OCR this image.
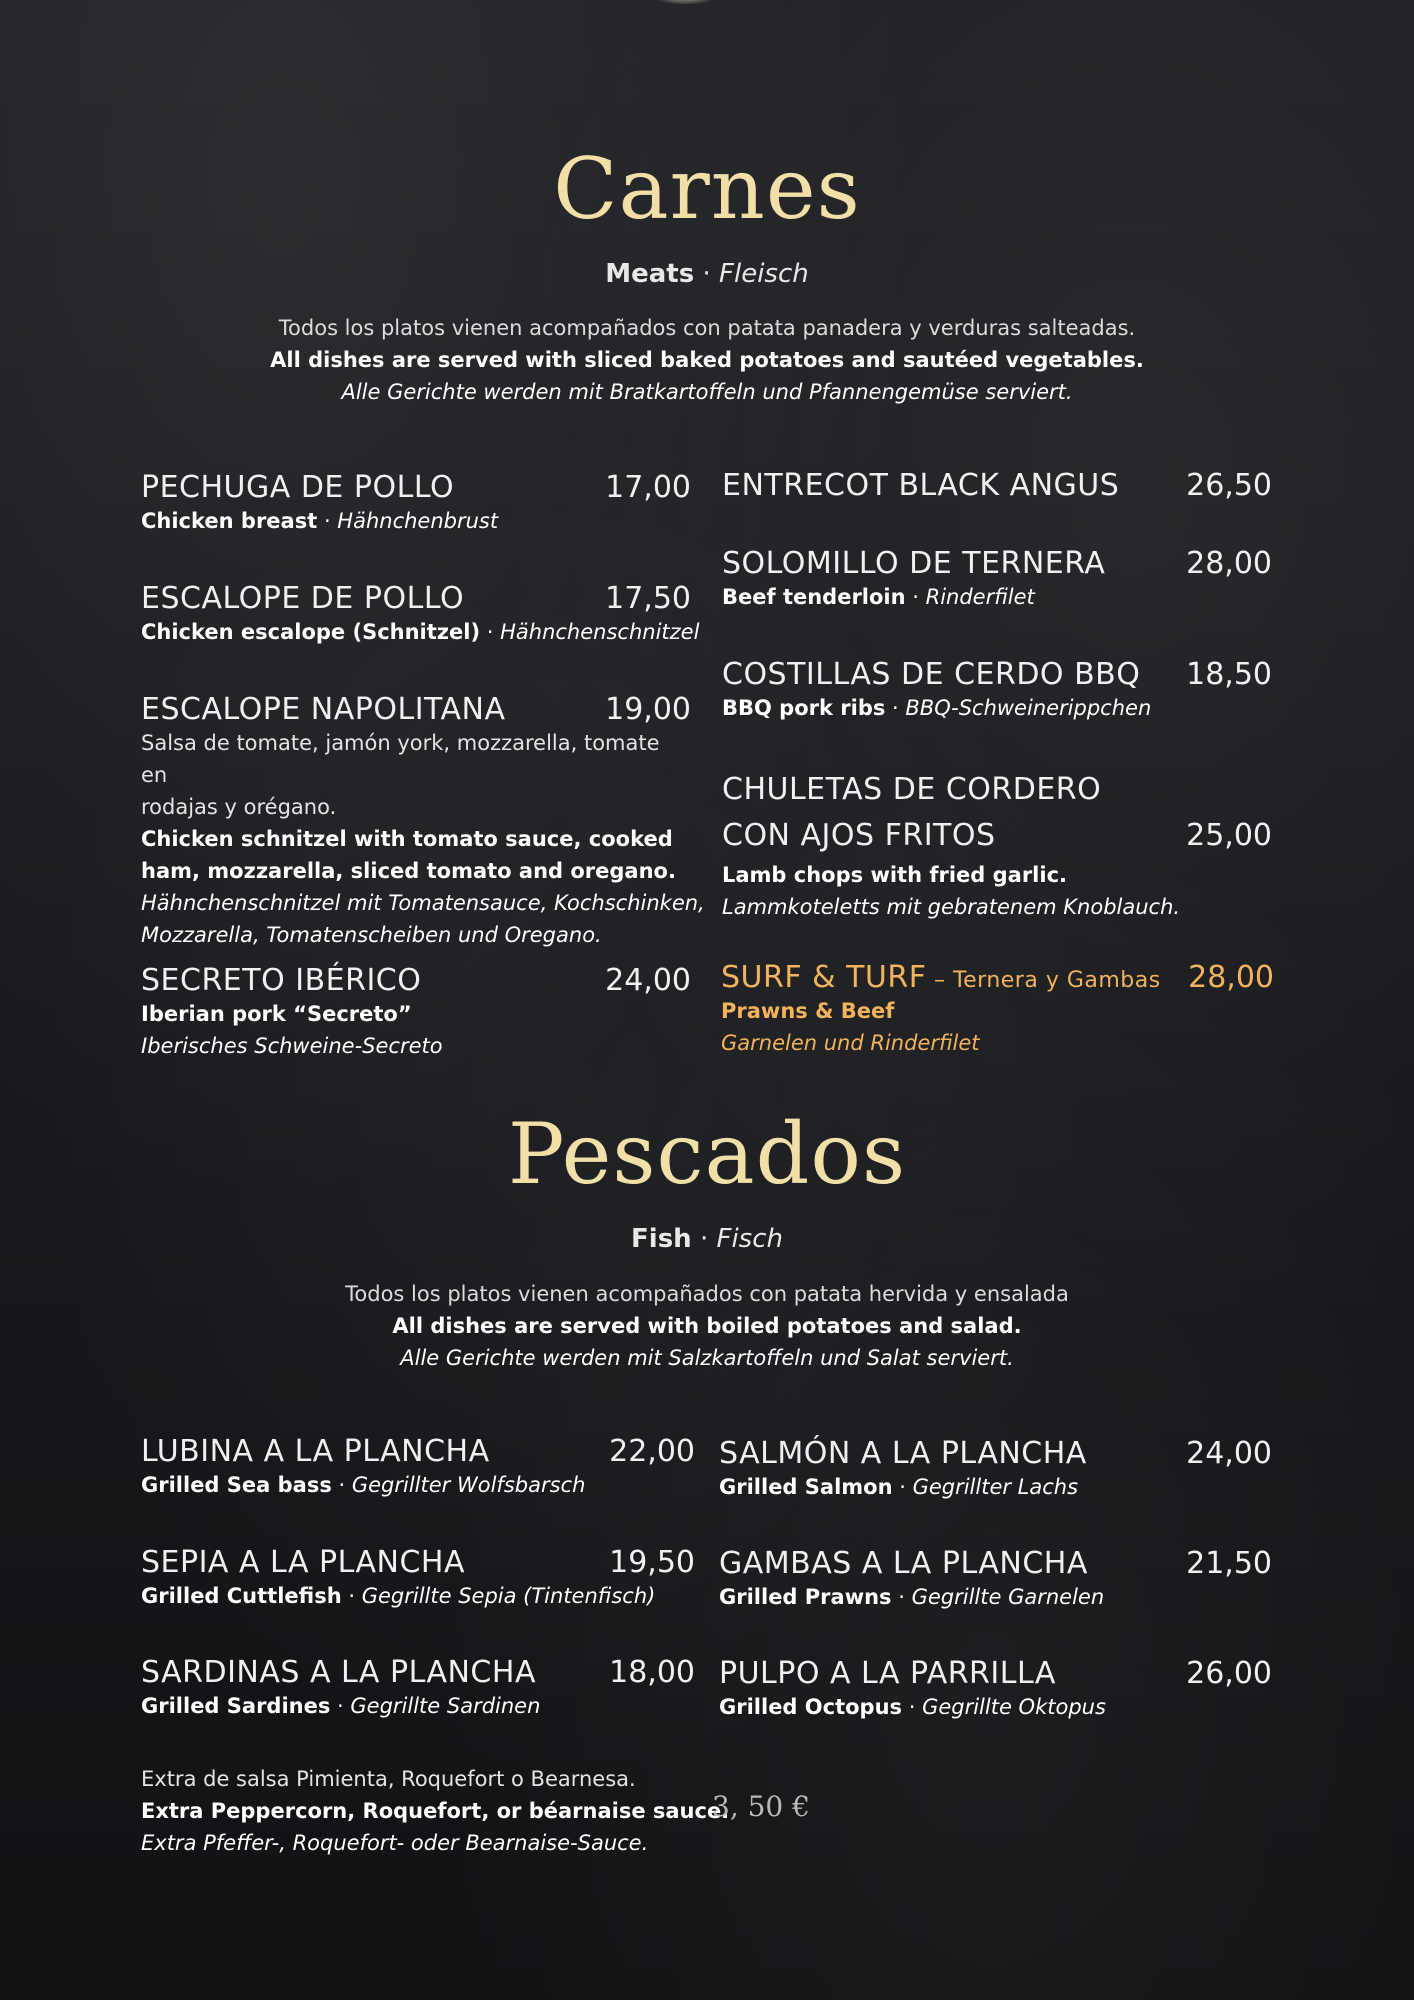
Carnes
Meats · Fleisch
Todos los platos vienen acompañados con patata panadera y verduras salteadas.
All dishes are served with sliced baked potatoes and sautéed vegetables.
Alle Gerichte werden mit Bratkartoffeln und Pfannengemüse serviert.
PECHUGA DE POLLO	17,00
Chicken breast · Hähnchenbrust
ESCALOPE DE POLLO	17,50
Chicken escalope (Schnitzel) · Hähnchenschnitzel
ESCALOPE NAPOLITANA	19,00
Salsa de tomate, jamón york, mozzarella, tomate en
rodajas y orégano.
Chicken schnitzel with tomato sauce, cooked
ham, mozzarella, sliced tomato and oregano.
Hähnchenschnitzel mit Tomatensauce, Kochschinken,
Mozzarella, Tomatenscheiben und Oregano.
SECRETO IBÉRICO	24,00
Iberian pork “Secreto”
Iberisches Schweine-Secreto
ENTRECOT BLACK ANGUS	26,50
SOLOMILLO DE TERNERA	28,00
Beef tenderloin · Rinderfilet
COSTILLAS DE CERDO BBQ	18,50
BBQ pork ribs · BBQ-Schweinerippchen
CHULETAS DE CORDERO
CON AJOS FRITOS	25,00
Lamb chops with fried garlic.
Lammkoteletts mit gebratenem Knoblauch.
SURF & TURF – Ternera y Gambas 28,00
Prawns & Beef
Garnelen und Rinderfilet
Pescados
Fish · Fisch
Todos los platos vienen acompañados con patata hervida y ensalada
All dishes are served with boiled potatoes and salad.
Alle Gerichte werden mit Salzkartoffeln und Salat serviert.
LUBINA A LA PLANCHA	22,00
Grilled Sea bass · Gegrillter Wolfsbarsch
SEPIA A LA PLANCHA	19,50
Grilled Cuttlefish · Gegrillte Sepia (Tintenfisch)
SARDINAS A LA PLANCHA	18,00
Grilled Sardines · Gegrillte Sardinen
SALMÓN A LA PLANCHA	24,00
Grilled Salmon · Gegrillter Lachs
GAMBAS A LA PLANCHA	21,50
Grilled Prawns · Gegrillte Garnelen
PULPO A LA PARRILLA	26,00
Grilled Octopus · Gegrillte Oktopus
Extra de salsa Pimienta, Roquefort o Bearnesa.
Extra Peppercorn, Roquefort, or béarnaise sauce.
Extra Pfeffer-, Roquefort- oder Bearnaise-Sauce.
3, 50 €
